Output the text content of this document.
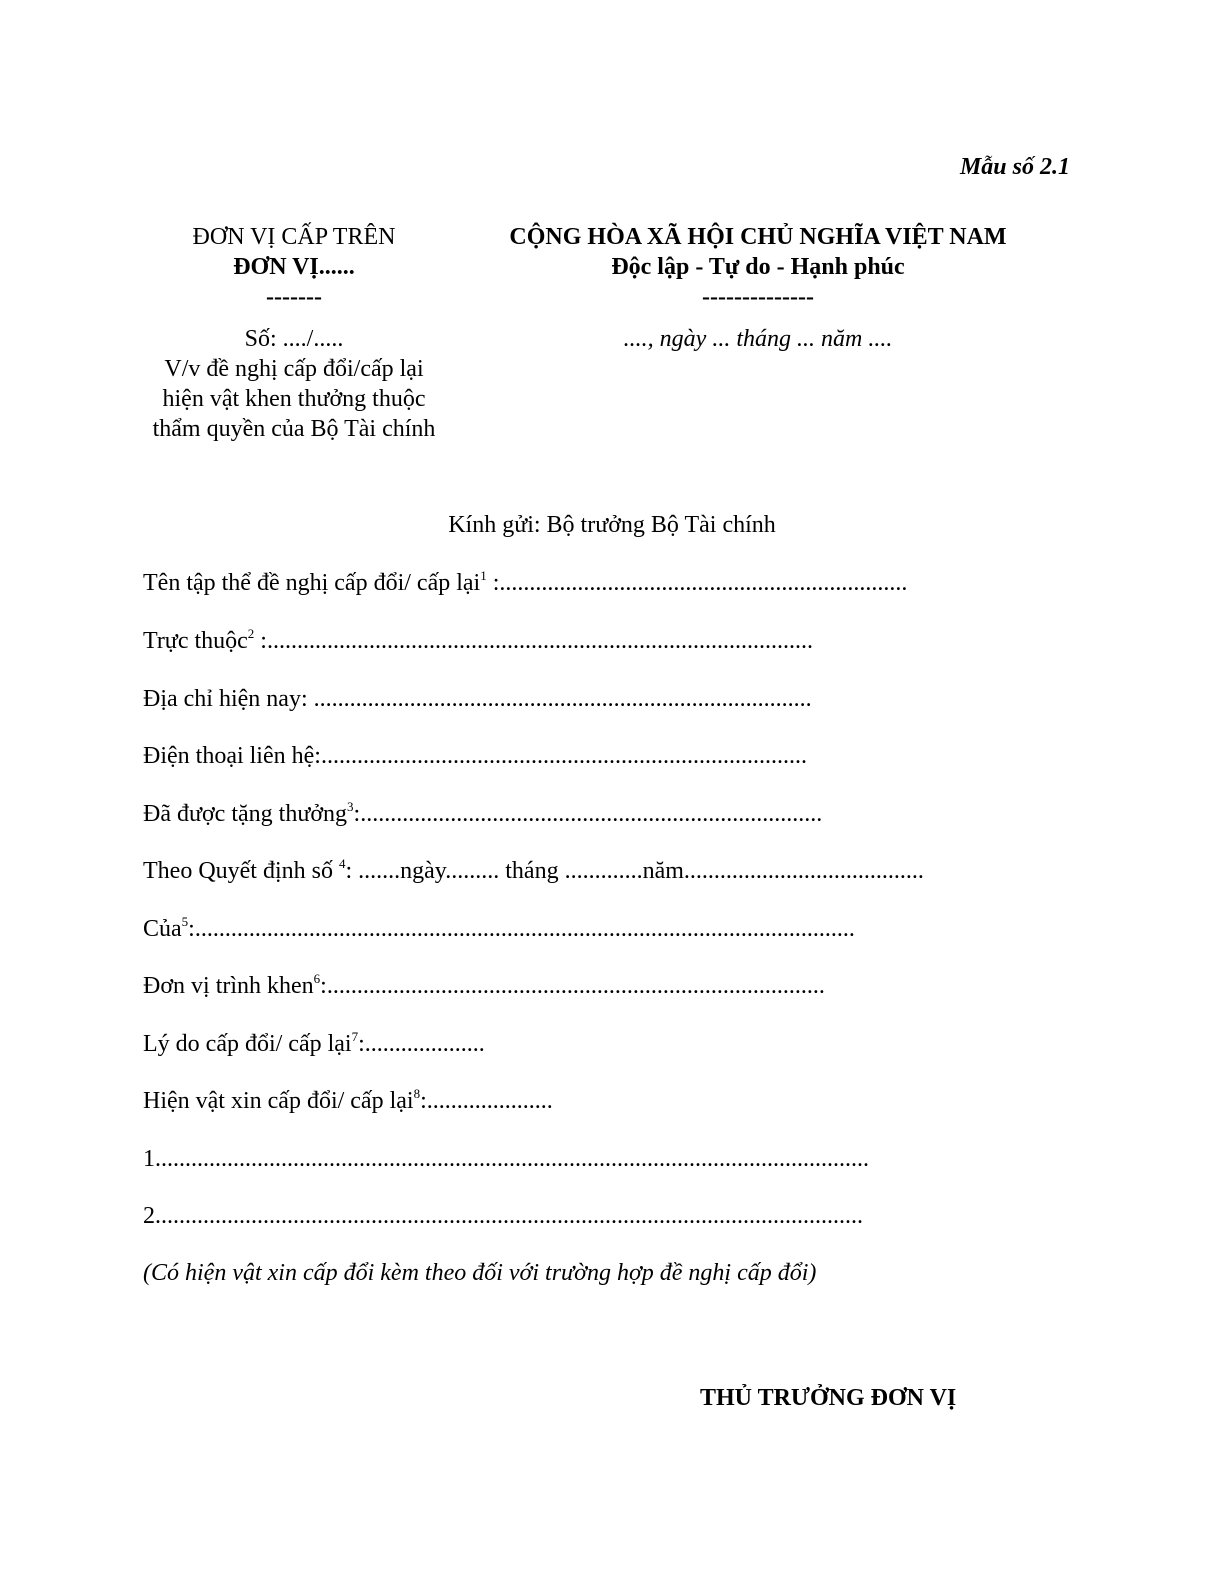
Mẫu số 2.1
ĐƠN VỊ CẤP TRÊN
ĐƠN VỊ......
-------
Số: ..../.....
V/v đề nghị cấp đổi/cấp lại
hiện vật khen thưởng thuộc
thẩm quyền của Bộ Tài chính
CỘNG HÒA XÃ HỘI CHỦ NGHĨA VIỆT NAM
Độc lập - Tự do - Hạnh phúc
--------------
...., ngày ... tháng ... năm ....
Kính gửi: Bộ trưởng Bộ Tài chính
Tên tập thể đề nghị cấp đổi/ cấp lại$^1$ :....................................................................
Trực thuộc$^2$ :...........................................................................................
Địa chỉ hiện nay: ...................................................................................
Điện thoại liên hệ:.................................................................................
Đã được tặng thưởng$^3$:.............................................................................
Theo Quyết định số $^4$: .......ngày......... tháng .............năm........................................
Của$^5$:..............................................................................................................
Đơn vị trình khen$^6$:...................................................................................
Lý do cấp đổi/ cấp lại$^7$:....................
Hiện vật xin cấp đổi/ cấp lại$^8$:.....................
1.......................................................................................................................
2......................................................................................................................
(Có hiện vật xin cấp đổi kèm theo đối với trường hợp đề nghị cấp đổi)
THỦ TRƯỞNG ĐƠN VỊ
